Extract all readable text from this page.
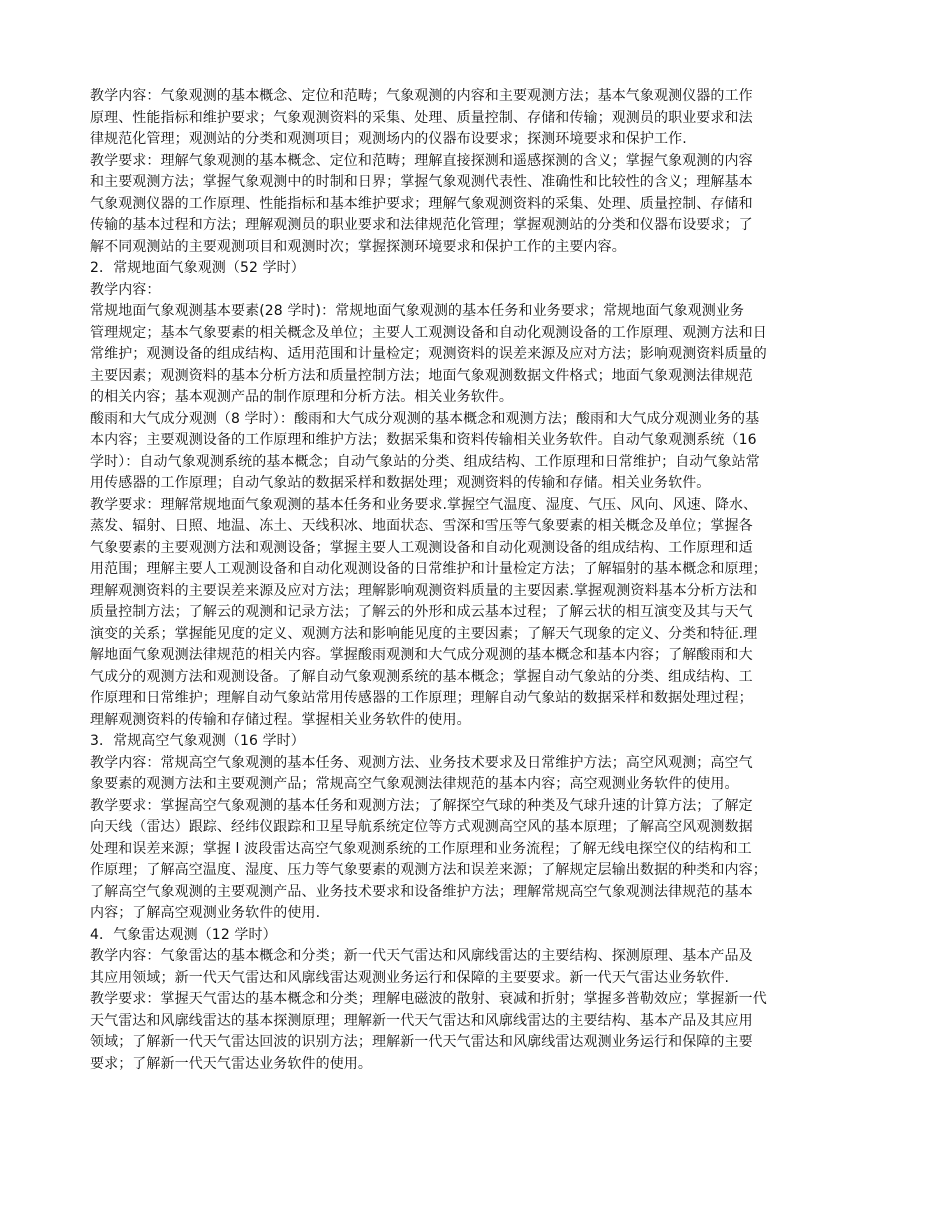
教学内容：气象观测的基本概念、定位和范畴；气象观测的内容和主要观测方法；基本气象观测仪器的工作

原理、性能指标和维护要求；气象观测资料的采集、处理、质量控制、存储和传输；观测员的职业要求和法

律规范化管理；观测站的分类和观测项目；观测场内的仪器布设要求；探测环境要求和保护工作.

教学要求：理解气象观测的基本概念、定位和范畴；理解直接探测和遥感探测的含义；掌握气象观测的内容

和主要观测方法；掌握气象观测中的时制和日界；掌握气象观测代表性、准确性和比较性的含义；理解基本

气象观测仪器的工作原理、性能指标和基本维护要求；理解气象观测资料的采集、处理、质量控制、存储和

传输的基本过程和方法；理解观测员的职业要求和法律规范化管理；掌握观测站的分类和仪器布设要求；了

解不同观测站的主要观测项目和观测时次；掌握探测环境要求和保护工作的主要内容。

2．常规地面气象观测（52 学时）

教学内容：

常规地面气象观测基本要素(28 学时)：常规地面气象观测的基本任务和业务要求；常规地面气象观测业务

管理规定；基本气象要素的相关概念及单位；主要人工观测设备和自动化观测设备的工作原理、观测方法和日

常维护；观测设备的组成结构、适用范围和计量检定；观测资料的误差来源及应对方法；影响观测资料质量的

主要因素；观测资料的基本分析方法和质量控制方法；地面气象观测数据文件格式；地面气象观测法律规范

的相关内容；基本观测产品的制作原理和分析方法。相关业务软件。

酸雨和大气成分观测（8 学时）：酸雨和大气成分观测的基本概念和观测方法；酸雨和大气成分观测业务的基

本内容；主要观测设备的工作原理和维护方法；数据采集和资料传输相关业务软件。自动气象观测系统（16

学时）：自动气象观测系统的基本概念；自动气象站的分类、组成结构、工作原理和日常维护；自动气象站常

用传感器的工作原理；自动气象站的数据采样和数据处理；观测资料的传输和存储。相关业务软件。

教学要求：理解常规地面气象观测的基本任务和业务要求.掌握空气温度、湿度、气压、风向、风速、降水、

蒸发、辐射、日照、地温、冻土、天线积冰、地面状态、雪深和雪压等气象要素的相关概念及单位；掌握各

气象要素的主要观测方法和观测设备；掌握主要人工观测设备和自动化观测设备的组成结构、工作原理和适

用范围；理解主要人工观测设备和自动化观测设备的日常维护和计量检定方法；了解辐射的基本概念和原理；

理解观测资料的主要误差来源及应对方法；理解影响观测资料质量的主要因素.掌握观测资料基本分析方法和

质量控制方法；了解云的观测和记录方法；了解云的外形和成云基本过程；了解云状的相互演变及其与天气

演变的关系；掌握能见度的定义、观测方法和影响能见度的主要因素；了解天气现象的定义、分类和特征.理

解地面气象观测法律规范的相关内容。掌握酸雨观测和大气成分观测的基本概念和基本内容；了解酸雨和大

气成分的观测方法和观测设备。了解自动气象观测系统的基本概念；掌握自动气象站的分类、组成结构、工

作原理和日常维护；理解自动气象站常用传感器的工作原理；理解自动气象站的数据采样和数据处理过程；

理解观测资料的传输和存储过程。掌握相关业务软件的使用。

3．常规高空气象观测（16 学时）

教学内容：常规高空气象观测的基本任务、观测方法、业务技术要求及日常维护方法；高空风观测；高空气

象要素的观测方法和主要观测产品；常规高空气象观测法律规范的基本内容；高空观测业务软件的使用。

教学要求：掌握高空气象观测的基本任务和观测方法；了解探空气球的种类及气球升速的计算方法；了解定

向天线（雷达）跟踪、经纬仪跟踪和卫星导航系统定位等方式观测高空风的基本原理；了解高空风观测数据

处理和误差来源；掌握 l 波段雷达高空气象观测系统的工作原理和业务流程；了解无线电探空仪的结构和工

作原理；了解高空温度、湿度、压力等气象要素的观测方法和误差来源；了解规定层输出数据的种类和内容；

了解高空气象观测的主要观测产品、业务技术要求和设备维护方法；理解常规高空气象观测法律规范的基本

内容；了解高空观测业务软件的使用.

4．气象雷达观测（12 学时）

教学内容：气象雷达的基本概念和分类；新一代天气雷达和风廓线雷达的主要结构、探测原理、基本产品及

其应用领域；新一代天气雷达和风廓线雷达观测业务运行和保障的主要要求。新一代天气雷达业务软件.

教学要求：掌握天气雷达的基本概念和分类；理解电磁波的散射、衰减和折射；掌握多普勒效应；掌握新一代

天气雷达和风廓线雷达的基本探测原理；理解新一代天气雷达和风廓线雷达的主要结构、基本产品及其应用

领域；了解新一代天气雷达回波的识别方法；理解新一代天气雷达和风廓线雷达观测业务运行和保障的主要

要求；了解新一代天气雷达业务软件的使用。
